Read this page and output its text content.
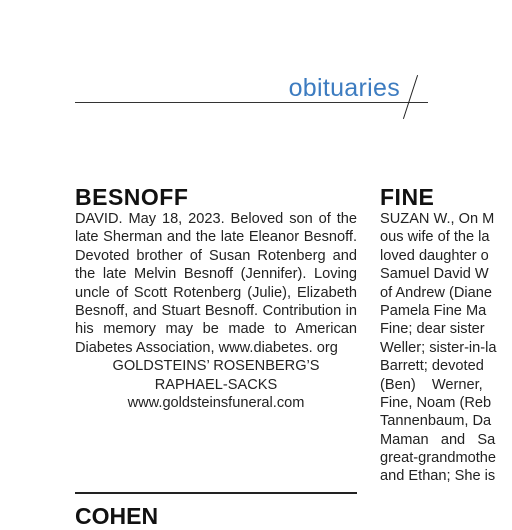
obituaries
BESNOFF
DAVID. May 18, 2023. Beloved son of the late Sherman and the late Eleanor Besnoff. Devoted brother of Susan Rotenberg and the late Melvin Besnoff (Jennifer). Loving uncle of Scott Rotenberg (Julie), Elizabeth Besnoff, and Stuart Besnoff. Contribution in his memory may be made to American Diabetes Association, www.diabetes. org
GOLDSTEINS’ ROSENBERG’S
RAPHAEL-SACKS
www.goldsteinsfuneral.com
COHEN
FINE
SUZAN W., On M
ous wife of the la
loved daughter o
Samuel David W
of Andrew (Diane
Pamela Fine Ma
Fine; dear sister
Weller; sister-in-la
Barrett; devoted
(Ben)    Werner,
Fine, Noam (Reb
Tannenbaum, Da
Maman   and   Sa
great-grandmothe
and Ethan; She is
